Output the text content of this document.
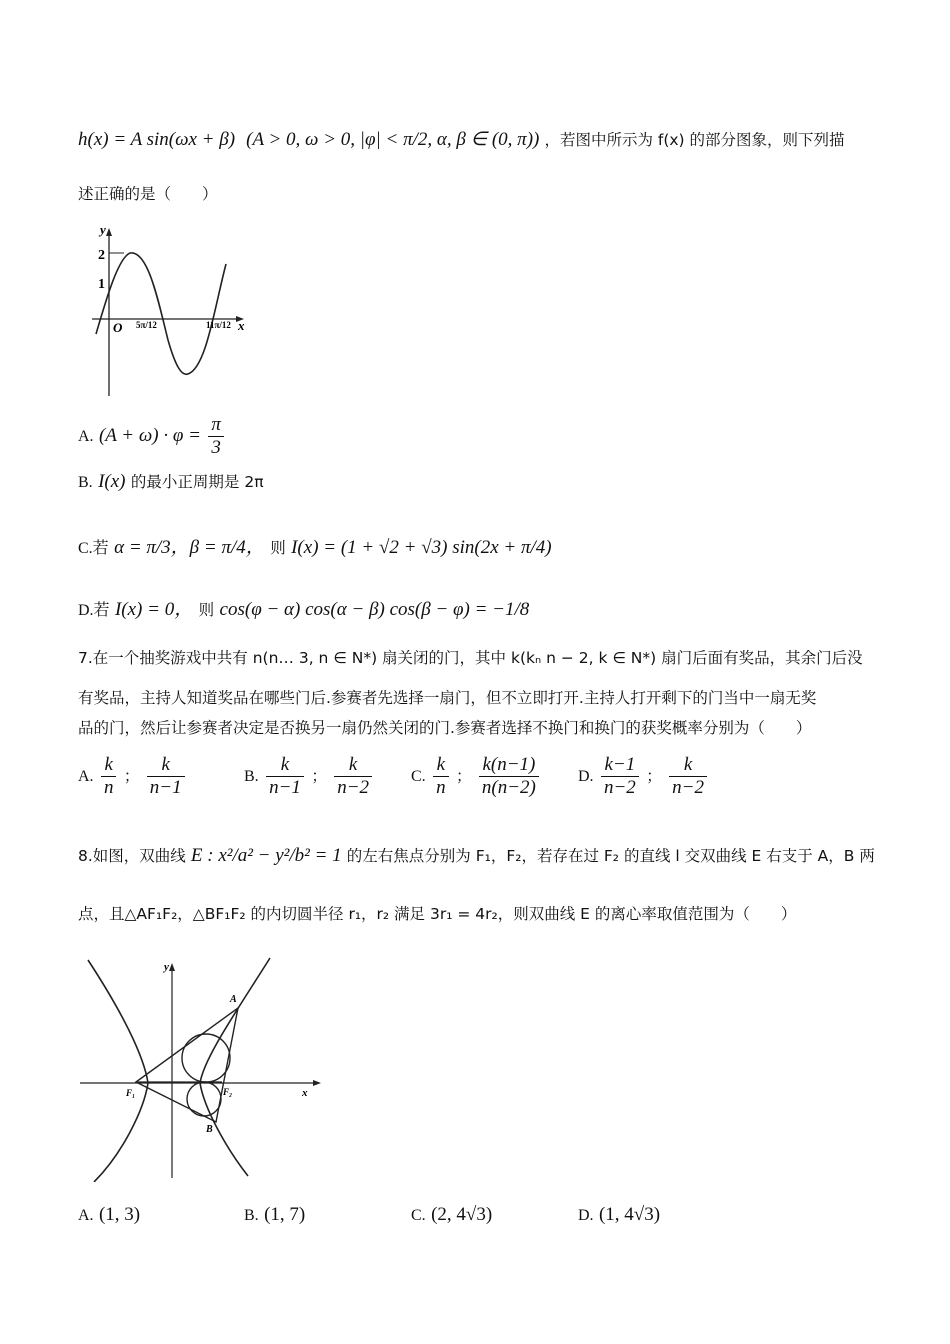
h(x) = A sin(ωx + β) (A > 0, ω > 0, |φ| < π/2, α, β ∈ (0, π)) ，若图中所示为 f(x) 的部分图象，则下列描
述正确的是（　　）
y
x
O
2
1
5π/12	11π/12
A. $(A + \omega) \cdot \varphi = \frac{\pi}{3}$
B. I(x) 的最小正周期是 2π
C.若 α = π/3，β = π/4， 则 I(x) = (1 + √2 + √3) sin(2x + π/4)
D.若 I(x) = 0， 则 cos(φ − α) cos(α − β) cos(β − φ) = −1/8
7.在一个抽奖游戏中共有 n(n… 3, n ∈ N*) 扇关闭的门，其中 k(kₙ n − 2, k ∈ N*) 扇门后面有奖品，其余门后没
有奖品，主持人知道奖品在哪些门后.参赛者先选择一扇门，但不立即打开.主持人打开剩下的门当中一扇无奖
品的门，然后让参赛者决定是否换另一扇仍然关闭的门.参赛者选择不换门和换门的获奖概率分别为（　　）
A. $\frac{k}{n}$ ； $\frac{k}{n-1}$	B. $\frac{k}{n-1}$ ； $\frac{k}{n-2} C$. $\frac{k}{n}$ ； $\frac{k(n-1)}{n(n-2)} D$. $\frac{k-1}{n-2}$ ； $\frac{k}{n-2}$
8.如图，双曲线 E : x²/a² − y²/b² = 1 的左右焦点分别为 F₁，F₂，若存在过 F₂ 的直线 l 交双曲线 E 右支于 A，B 两
点，且△AF₁F₂，△BF₁F₂ 的内切圆半径 r₁，r₂ 满足 3r₁ = 4r₂，则双曲线 E 的离心率取值范围为（　　）
y
x
A
B
F₁	F₂
A. (1, 3)	B. (1, 7)	C. (2, 4√3)	D. (1, 4√3)
